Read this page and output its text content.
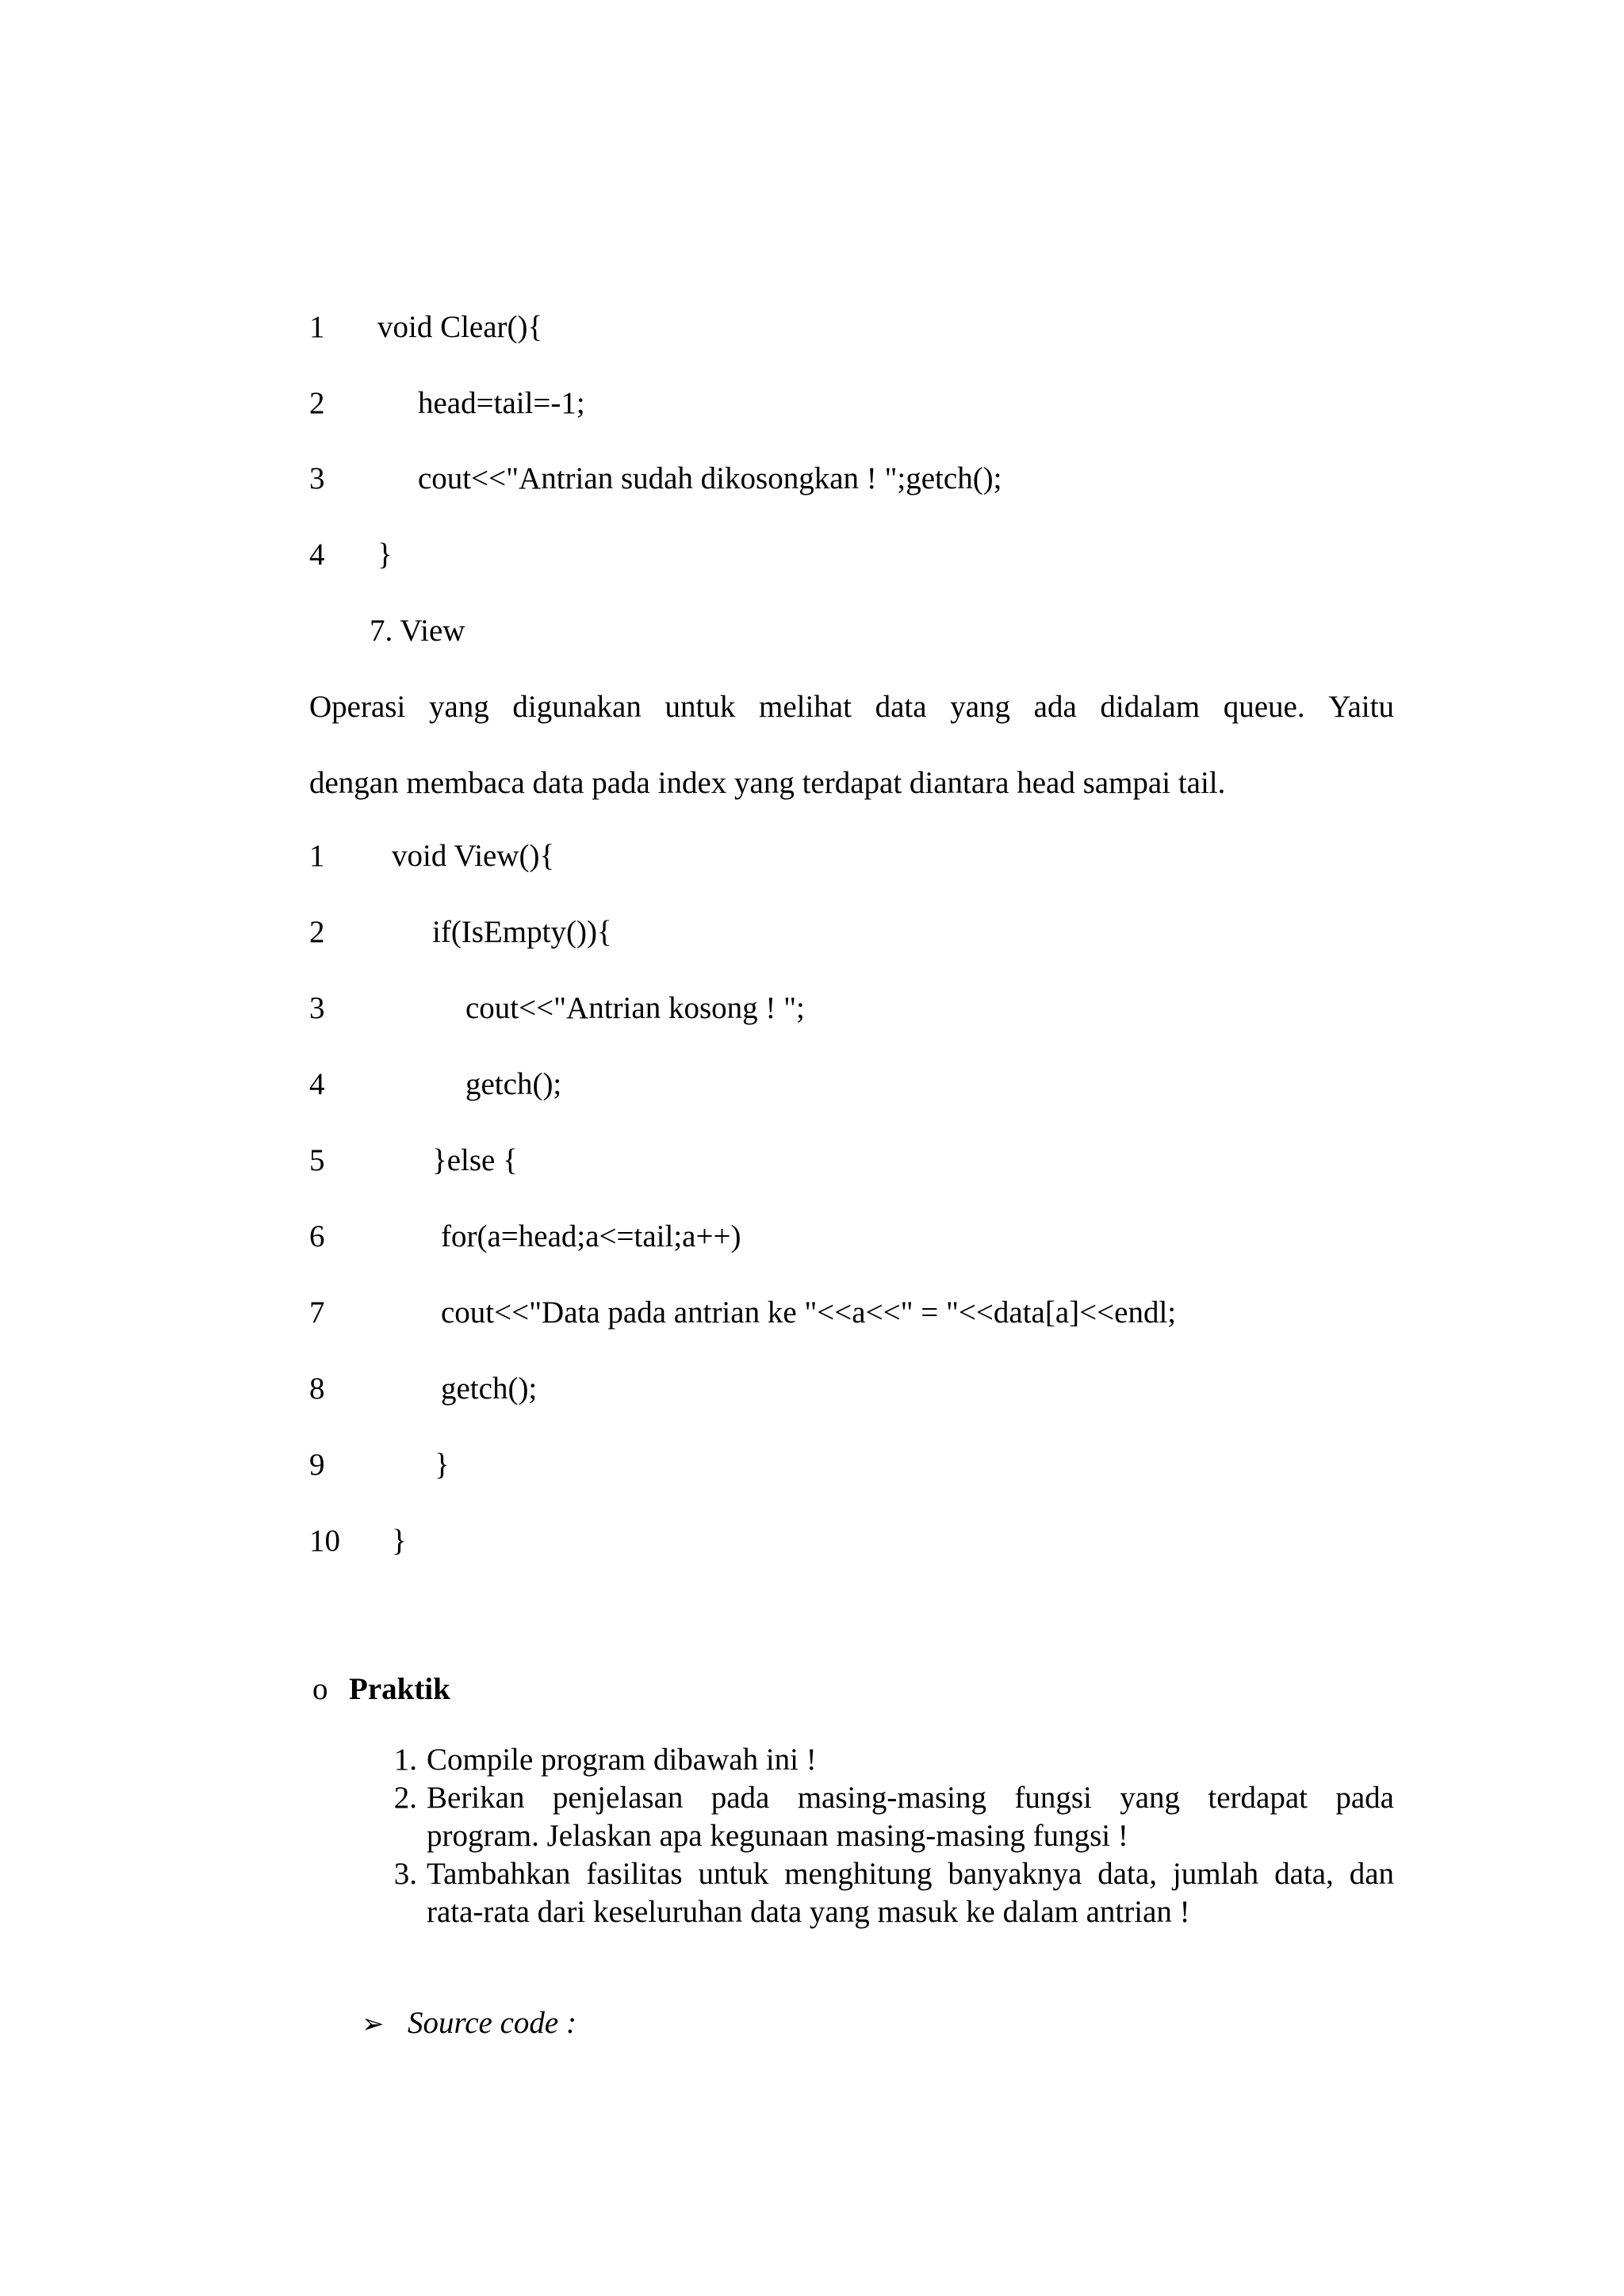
1 void Clear(){
2	head=tail=-1;
3	cout<<"Antrian sudah dikosongkan ! ";getch();
4 }
7. View
Operasi yang digunakan untuk melihat data yang ada didalam queue. Yaitu
dengan membaca data pada index yang terdapat diantara head sampai tail.
1 void View(){
2	if(IsEmpty()){
3	cout<<"Antrian kosong ! ";
4	getch();
5	}else {
6	for(a=head;a<=tail;a++)
7	cout<<"Data pada antrian ke "<<a<<" = "<<data[a]<<endl;
8	getch();
9	}
10 }
o Praktik
1. Compile program dibawah ini !
2. Berikan penjelasan pada masing-masing fungsi yang terdapat pada
program. Jelaskan apa kegunaan masing-masing fungsi !
3. Tambahkan fasilitas untuk menghitung banyaknya data, jumlah data, dan
rata-rata dari keseluruhan data yang masuk ke dalam antrian !
➢ Source code :
